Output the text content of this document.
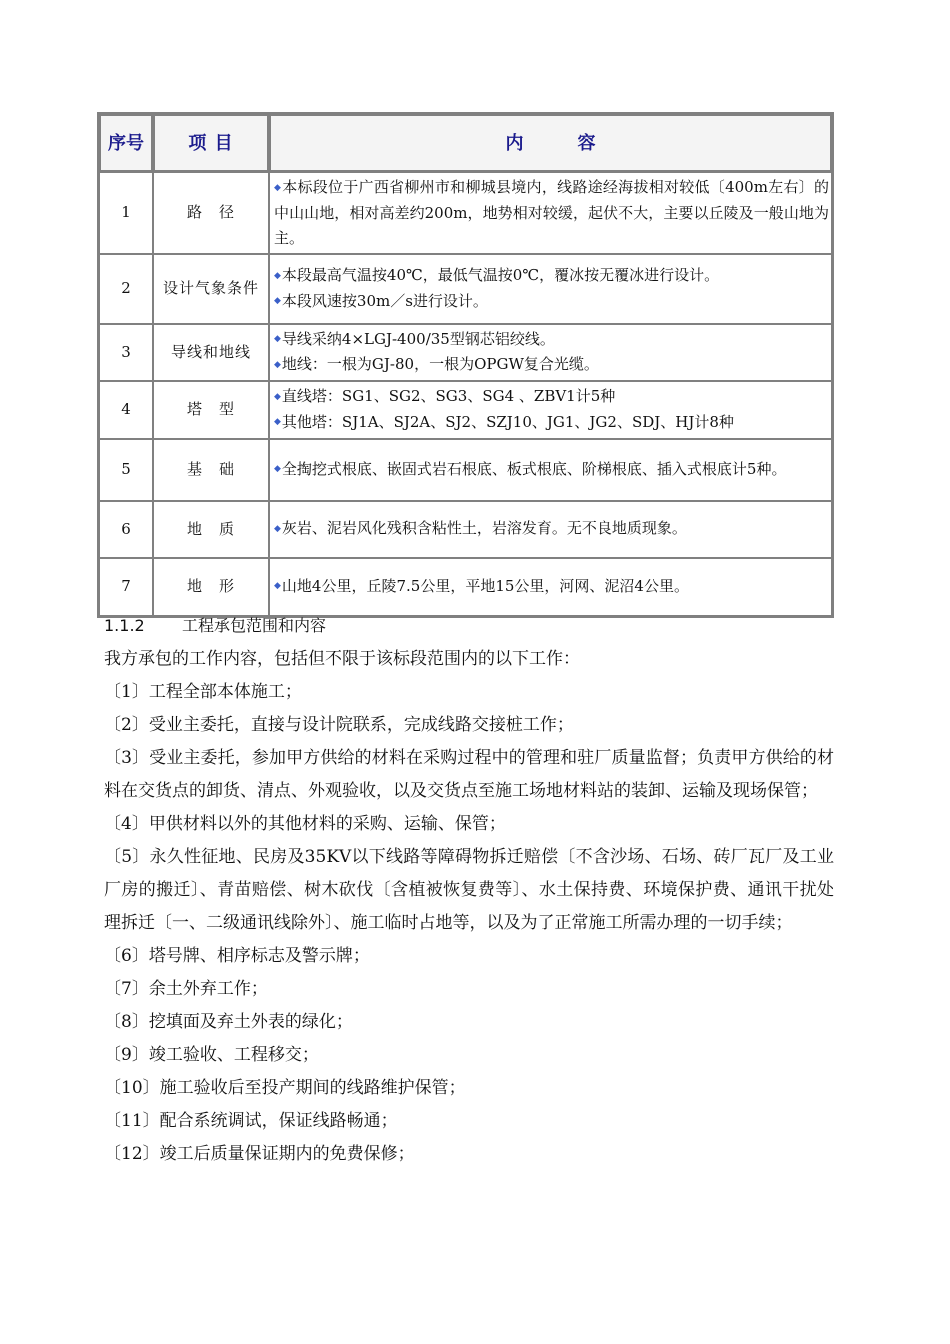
序号	项 目	内　　　容
1	路　径	◆本标段位于广西省柳州市和柳城县境内，线路途经海拔相对较低〔400m左右〕的中山山地，相对高差约200m，地势相对较缓，起伏不大，主要以丘陵及一般山地为主。

2	设计气象条件	◆本段最高气温按40℃，最低气温按0℃，覆冰按无覆冰进行设计。
◆本段风速按30m／s进行设计。

3	导线和地线	◆导线采纳4×LGJ-400/35型钢芯铝绞线。
◆地线：一根为GJ-80，一根为OPGW复合光缆。

4	塔　型	◆直线塔：SG1、SG2、SG3、SG4 、ZBV1计5种
◆其他塔：SJ1A、SJ2A、SJ2、SZJ10、JG1、JG2、SDJ、HJ计8种

5	基　础	◆全掏挖式根底、嵌固式岩石根底、板式根底、阶梯根底、插入式根底计5种。

6	地　质	◆灰岩、泥岩风化残积含粘性土，岩溶发育。无不良地质现象。

7	地　形	◆山地4公里，丘陵7.5公里，平地15公里，河网、泥沼4公里。
1.1.2 工程承包范围和内容

我方承包的工作内容，包括但不限于该标段范围内的以下工作：

〔1〕工程全部本体施工；

〔2〕受业主委托，直接与设计院联系，完成线路交接桩工作；

〔3〕受业主委托，参加甲方供给的材料在采购过程中的管理和驻厂质量监督；负责甲方供给的材料在交货点的卸货、清点、外观验收，以及交货点至施工场地材料站的装卸、运输及现场保管；

〔4〕甲供材料以外的其他材料的采购、运输、保管；

〔5〕永久性征地、民房及35KV以下线路等障碍物拆迁赔偿〔不含沙场、石场、砖厂瓦厂及工业厂房的搬迁〕、青苗赔偿、树木砍伐〔含植被恢复费等〕、水土保持费、环境保护费、通讯干扰处理拆迁〔一、二级通讯线除外〕、施工临时占地等，以及为了正常施工所需办理的一切手续；

〔6〕塔号牌、相序标志及警示牌；

〔7〕余土外弃工作；

〔8〕挖填面及弃土外表的绿化；

〔9〕竣工验收、工程移交；

〔10〕施工验收后至投产期间的线路维护保管；

〔11〕配合系统调试，保证线路畅通；

〔12〕竣工后质量保证期内的免费保修；
